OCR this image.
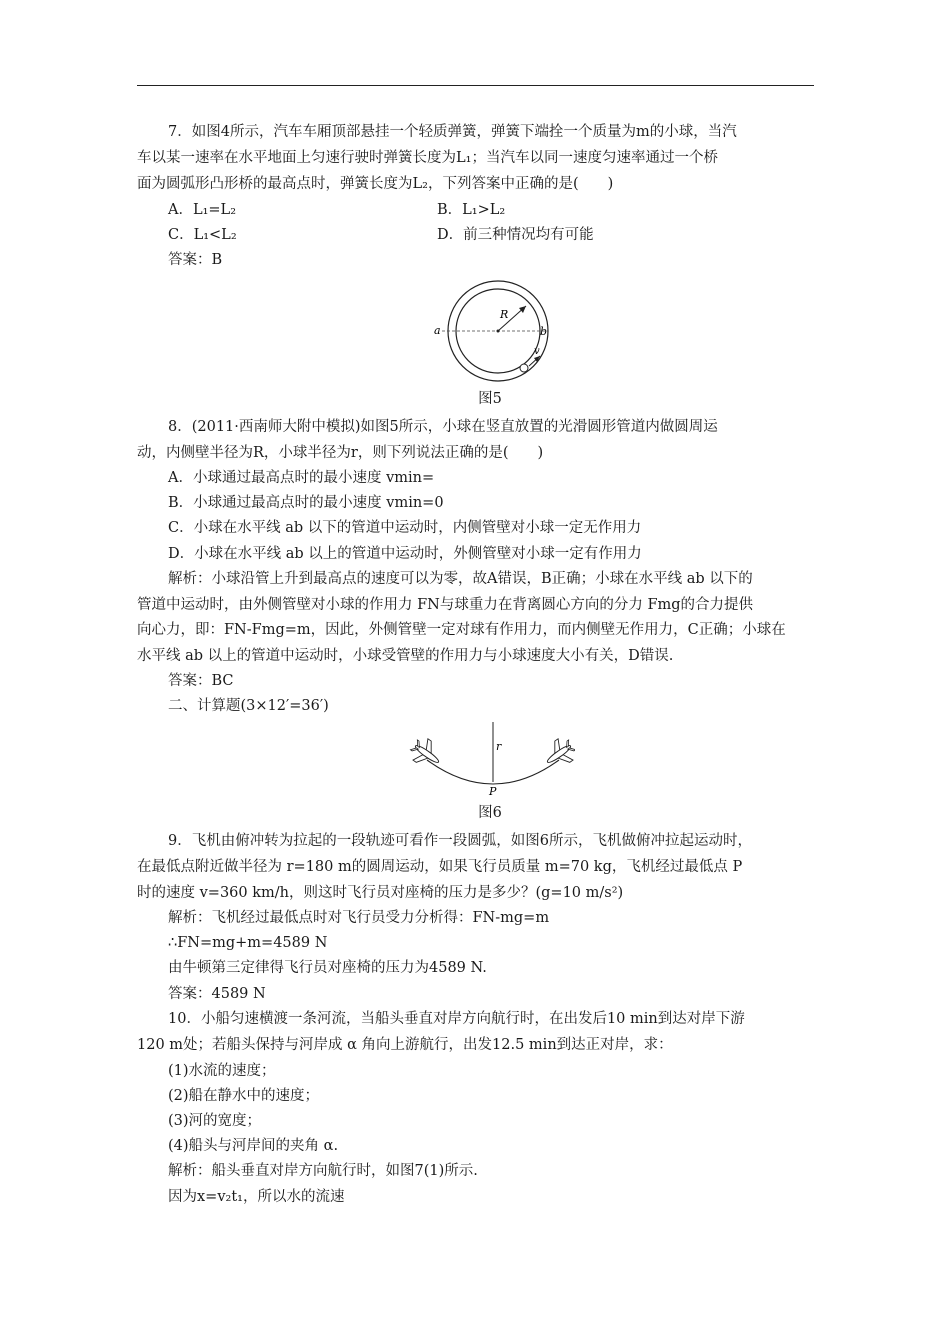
7．如图4所示，汽车车厢顶部悬挂一个轻质弹簧，弹簧下端拴一个质量为m的小球，当汽
车以某一速率在水平地面上匀速行驶时弹簧长度为L₁；当汽车以同一速度匀速率通过一个桥
面为圆弧形凸形桥的最高点时，弹簧长度为L₂，下列答案中正确的是(　　)
A．L₁=L₂	B．L₁>L₂
C．L₁<L₂	D．前三种情况均有可能
答案：B
R
a	b
v
图5
8．(2011·西南师大附中模拟)如图5所示，小球在竖直放置的光滑圆形管道内做圆周运
动，内侧壁半径为R，小球半径为r，则下列说法正确的是(　　)
A．小球通过最高点时的最小速度 vmin=
B．小球通过最高点时的最小速度 vmin=0
C．小球在水平线 ab 以下的管道中运动时，内侧管壁对小球一定无作用力
D．小球在水平线 ab 以上的管道中运动时，外侧管壁对小球一定有作用力
解析：小球沿管上升到最高点的速度可以为零，故A错误，B正确；小球在水平线 ab 以下的
管道中运动时，由外侧管壁对小球的作用力 FN与球重力在背离圆心方向的分力 Fmg的合力提供
向心力，即：FN-Fmg=m，因此，外侧管壁一定对球有作用力，而内侧壁无作用力，C正确；小球在
水平线 ab 以上的管道中运动时，小球受管壁的作用力与小球速度大小有关，D错误.
答案：BC
二、计算题(3×12′=36′)
r
P
图6
9．飞机由俯冲转为拉起的一段轨迹可看作一段圆弧，如图6所示，飞机做俯冲拉起运动时，
在最低点附近做半径为 r=180 m的圆周运动，如果飞行员质量 m=70 kg，飞机经过最低点 P
时的速度 v=360 km/h，则这时飞行员对座椅的压力是多少？(g=10 m/s²)
解析：飞机经过最低点时对飞行员受力分析得：FN-mg=m
∴FN=mg+m=4589 N
由牛顿第三定律得飞行员对座椅的压力为4589 N.
答案：4589 N
10．小船匀速横渡一条河流，当船头垂直对岸方向航行时，在出发后10 min到达对岸下游
120 m处；若船头保持与河岸成 α 角向上游航行，出发12.5 min到达正对岸，求：
(1)水流的速度；
(2)船在静水中的速度；
(3)河的宽度；
(4)船头与河岸间的夹角 α.
解析：船头垂直对岸方向航行时，如图7(1)所示.
因为x=v₂t₁，所以水的流速
